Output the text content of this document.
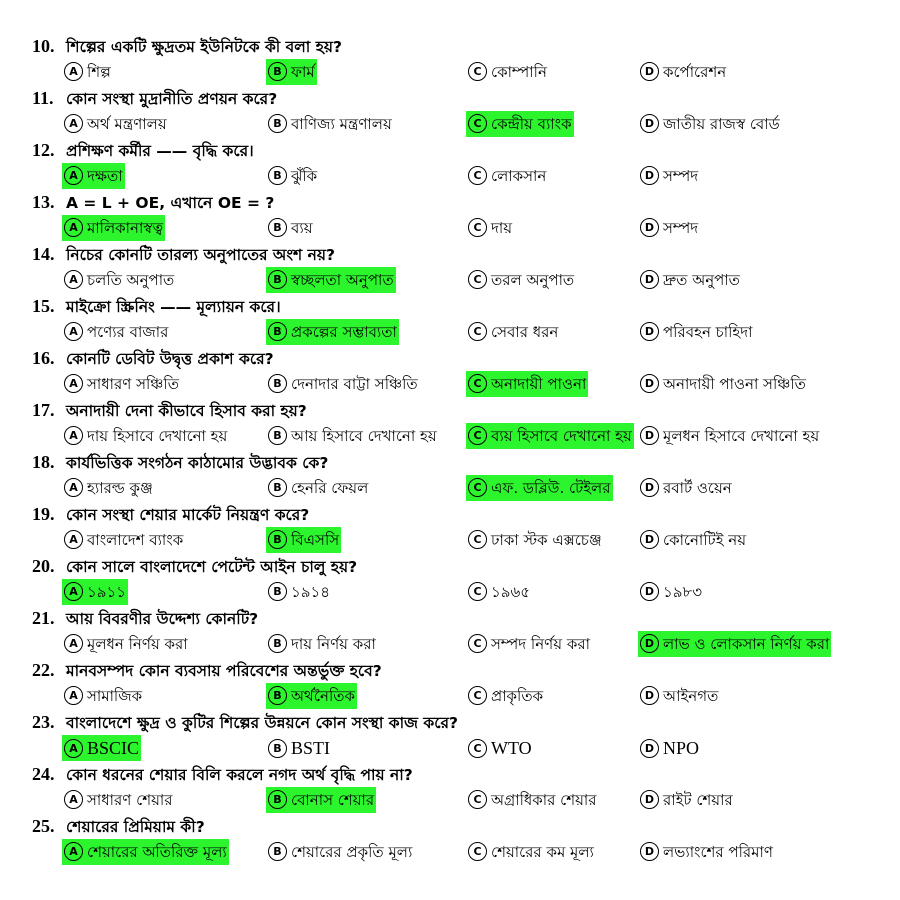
10. শিল্পের একটি ক্ষুদ্রতম ইউনিটকে কী বলা হয়?
A শিল্প	B ফার্ম	C কোম্পানি	D কর্পোরেশন
11. কোন সংস্থা মুদ্রানীতি প্রণয়ন করে?
A অর্থ মন্ত্রণালয়	B বাণিজ্য মন্ত্রণালয়	C কেন্দ্রীয় ব্যাংক	D জাতীয় রাজস্ব বোর্ড
12. প্রশিক্ষণ কর্মীর —— বৃদ্ধি করে।
A দক্ষতা	B ঝুঁকি	C লোকসান	D সম্পদ
13. A = L + OE, এখানে OE = ?
A মালিকানাস্বত্ব	B ব্যয়	C দায়	D সম্পদ
14. নিচের কোনটি তারল্য অনুপাতের অংশ নয়?
A চলতি অনুপাত	B স্বচ্ছলতা অনুপাত	C তরল অনুপাত	D দ্রুত অনুপাত
15. মাইক্রো স্ক্রিনিং —— মূল্যায়ন করে।
A পণ্যের বাজার	B প্রকল্পের সম্ভাব্যতা	C সেবার ধরন	D পরিবহন চাহিদা
16. কোনটি ডেবিট উদ্বৃত্ত প্রকাশ করে?
A সাধারণ সঞ্চিতি	B দেনাদার বাট্টা সঞ্চিতি	C অনাদায়ী পাওনা	D অনাদায়ী পাওনা সঞ্চিতি
17. অনাদায়ী দেনা কীভাবে হিসাব করা হয়?
A দায় হিসাবে দেখানো হয়	B আয় হিসাবে দেখানো হয়	C ব্যয় হিসাবে দেখানো হয়	D মূলধন হিসাবে দেখানো হয়
18. কার্যভিত্তিক সংগঠন কাঠামোর উদ্ভাবক কে?
A হ্যারল্ড কুঞ্জ	B হেনরি ফেয়ল	C এফ. ডব্লিউ. টেইলর	D রবার্ট ওয়েন
19. কোন সংস্থা শেয়ার মার্কেট নিয়ন্ত্রণ করে?
A বাংলাদেশ ব্যাংক	B বিএসসি	C ঢাকা স্টক এক্সচেঞ্জ	D কোনোটিই নয়
20. কোন সালে বাংলাদেশে পেটেন্ট আইন চালু হয়?
A ১৯১১	B ১৯১৪	C ১৯৬৫	D ১৯৮৩
21. আয় বিবরণীর উদ্দেশ্য কোনটি?
A মূলধন নির্ণয় করা	B দায় নির্ণয় করা	C সম্পদ নির্ণয় করা	D লাভ ও লোকসান নির্ণয় করা
22. মানবসম্পদ কোন ব্যবসায় পরিবেশের অন্তর্ভুক্ত হবে?
A সামাজিক	B অর্থনৈতিক	C প্রাকৃতিক	D আইনগত
23. বাংলাদেশে ক্ষুদ্র ও কুটির শিল্পের উন্নয়নে কোন সংস্থা কাজ করে?
A BSCIC	B BSTI	C WTO	D NPO
24. কোন ধরনের শেয়ার বিলি করলে নগদ অর্থ বৃদ্ধি পায় না?
A সাধারণ শেয়ার	B বোনাস শেয়ার	C অগ্রাধিকার শেয়ার	D রাইট শেয়ার
25. শেয়ারের প্রিমিয়াম কী?
A শেয়ারের অতিরিক্ত মূল্য	B শেয়ারের প্রকৃতি মূল্য	C শেয়ারের কম মূল্য	D লভ্যাংশের পরিমাণ
